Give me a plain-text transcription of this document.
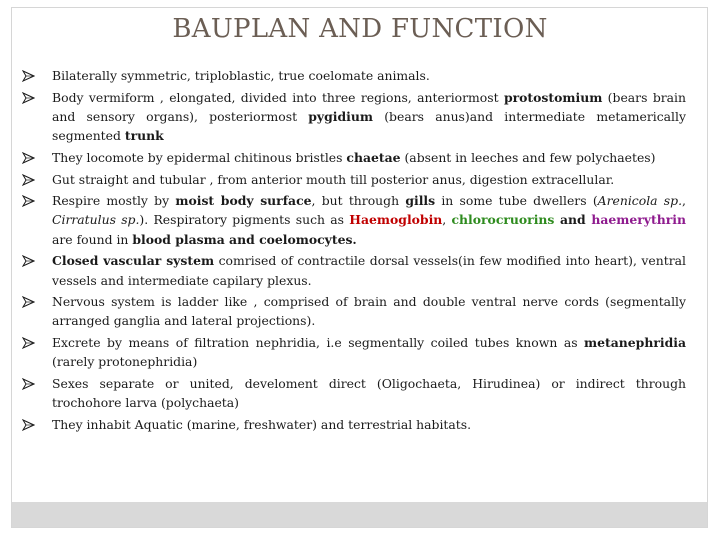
BAUPLAN AND FUNCTION
Bilaterally symmetric, triploblastic, true coelomate animals.
Body vermiform , elongated, divided into three regions, anteriormost protostomium (bears brain and sensory organs), posteriormost pygidium (bears anus)and intermediate metamerically segmented trunk
They locomote by epidermal chitinous bristles chaetae (absent in leeches and few polychaetes)
Gut straight and tubular , from anterior mouth till posterior anus, digestion extracellular.
Respire mostly by moist body surface, but through gills in some tube dwellers (Arenicola sp., Cirratulus sp.). Respiratory pigments such as Haemoglobin, chlorocruorins and haemerythrin are found in blood plasma and coelomocytes.
Closed vascular system comrised of contractile dorsal vessels(in few modified into heart), ventral vessels and intermediate capilary plexus.
Nervous system is ladder like , comprised of brain and double ventral nerve cords (segmentally arranged ganglia and lateral projections).
Excrete by means of filtration nephridia, i.e segmentally coiled tubes known as metanephridia (rarely protonephridia)
Sexes separate or united, develoment direct (Oligochaeta, Hirudinea) or indirect through trochohore larva (polychaeta)
They inhabit Aquatic (marine, freshwater) and terrestrial habitats.
